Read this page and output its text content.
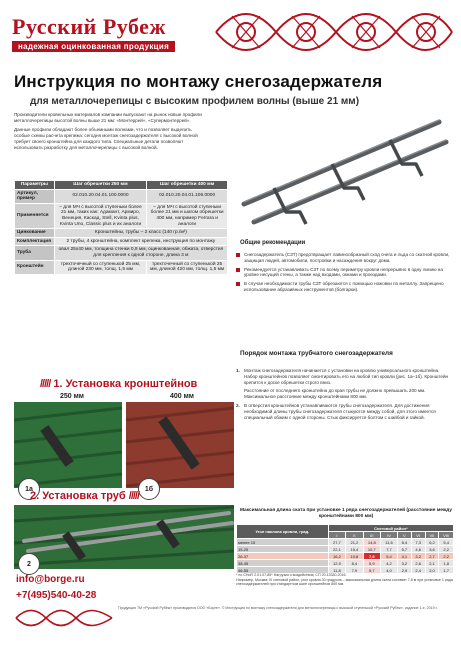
Русский Рубеж
надежная оцинкованная продукция
Инструкция по монтажу снегозадержателя
для металлочерепицы с высоким профилем волны (выше 21 мм)

Производители кровельных материалов компании выпускают на рынок новые профили металлочерепицы высотой волны выше 21 мм: «Монтеррей», «Супермонтеррей».

Данные профили обладают более объемными волнами, что и позволяет выделить особые схемы расчета крепежа: сегодня монтаж снегозадержателя с высокой волной требует своего кронштейна для каждого типа. Специальные детали позволяют использовать разработку для металлочерепицы с высокой волной.

Параметры	Шаг обрешетки 250 мм	Шаг обрешетки 400 мм
Артикул, пример	02.010.20.04.01.100.0000	02.010.20.04.01.106.0000
Применяется	– для МЧ с высотой ступеньки более 21 мм, таких как: Адамант, Армиро, Венеция, Каскад, Stell, Kvinta plus, Kvinta Uno, Classic plus и их аналоги	– для МЧ с высотой ступеньки более 21 мм и шагом обрешетки 400 мм, например Ferrara и аналоги
Цинкование	Кронштейны, трубы – 2 класс (140 гр./м²)	
Комплектация	2 трубы, 4 кронштейна, комплект крепежа, инструкция по монтажу	
Труба	овал 25x40 мм, толщина стенки 0,9 мм, оцинкованная, обжата, отверстия для крепления к одной стороне, длина 3 м	
Кронштейн	трехточечный со ступенькой 25 мм, длиной 230 мм, толщ. 1,5 мм	трехточечный со ступенькой 25 мм, длиной 420 мм, толщ. 1,5 мм
Общие рекомендации
Снегозадержатель (СЗТ) предотвращает лавинообразный сход снега и льда со скатной кровли, защищая людей, автомобили, постройки и насаждения вокруг дома.
Рекомендуется устанавливать СЗТ по всему периметру кровли непрерывно в одну линию на уровне несущей стены, а также над входами, окнами и проездами.
В случае необходимости трубы СЗТ обрезаются с помощью ножовки по металлу. Запрещено использование абразивных инструментов (болгарки).
Порядок монтажа трубчатого снегозадержателя
1. Монтаж снегозадержателя начинается с установки на кровлю универсального кронштейна. Набор кронштейнов позволяет смонтировать его на любой тип кровли (рис. 1а–1б). Кронштейн крепится к доске обрешетки строго вниз.
Расстояние от последнего кронштейна до края трубы не должно превышать 200 мм. Максимальное расстояние между кронштейнами 800 мм.
2. В отверстия кронштейнов устанавливаются трубы снегозадержателя. Для достижения необходимой длины трубы снегозадержателя стыкуются между собой, для этого имеется специальный обжим с одной стороны. Стык фиксируется болтом с шайбой и гайкой.
///// 1. Установка кронштейнов
250 мм	400 мм
1а	1б
2. Установка труб /////
2
Максимальная длина ската при установке 1 ряда снегозадержателей (расстояние между кронштейнами 800 мм)
Угол наклона кровли, град.	Снеговой район*							
	I	II	III	IV	V	VI	VII	VIII
менее 15	27,7	21,2	14,8	11,6	8,4	7,3	6,2	5,4
15-25	22,1	15,4	10,7	7,7	5,7	4,6	3,6	2,2
26-37	16,2	10,8	7,8	5,4	4,1	3,2	2,7	2,2
38-45	12,9	8,4	5,9	4,2	3,2	2,6	2,1	1,8
46-55	11,8	7,9	5,7	4,0	2,9	2,4	2,0	1,7
* по СНиП 2.01.07-85* Нагрузки и воздействия; СП 20.13330.2016.
Например, Москва: III снеговой район, угол кровли 30 градусов – максимальная длина ската составит 7,8 м при установке 1 ряда снегозадержателей при стандартном шаге кронштейнов 800 мм.
info@borge.ru
+7(495)540-40-28
Продукция ТМ «Русский Рубеж» производится ООО «Борге». © Инструкция по монтажу снегозадержателя для металлочерепицы с высокой ступенькой «Русский Рубеж», издание 1-е, 2019 г.
